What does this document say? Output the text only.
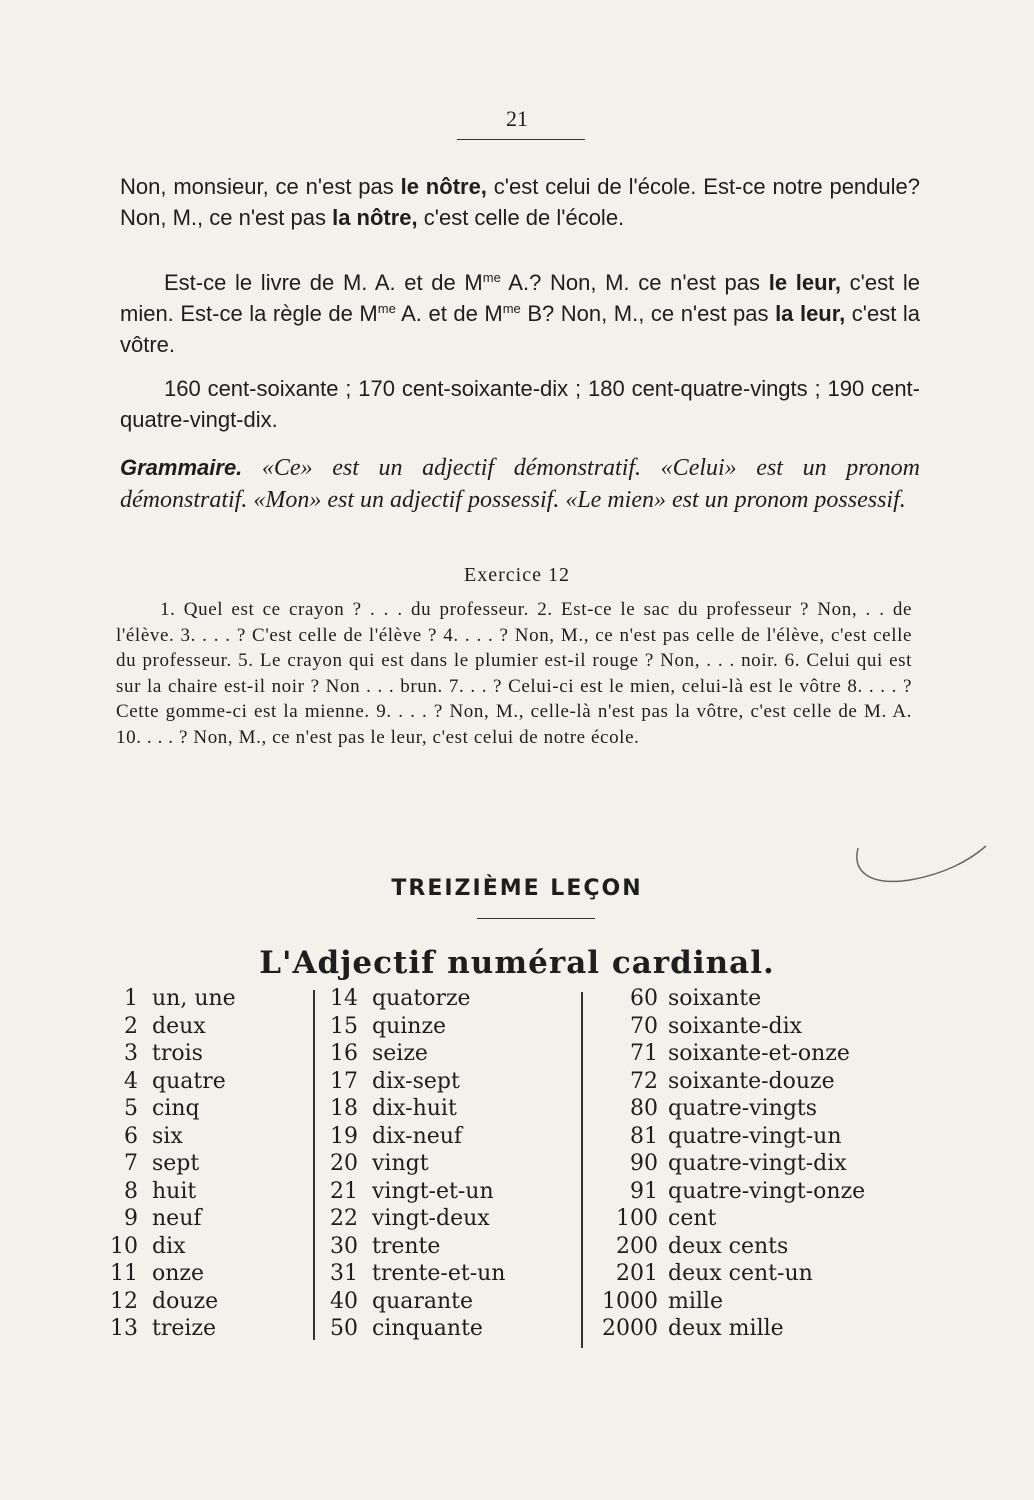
21

Non, monsieur, ce n'est pas le nôtre, c'est celui de l'école. Est-ce notre pendule? Non, M., ce n'est pas la nôtre, c'est celle de l'école.

Est-ce le livre de M. A. et de $M^{me}$ A.? Non, M. ce n'est pas le leur, c'est le mien. Est-ce la règle de $M^{me}$ A. et de $M^{me}$ B? Non, M., ce n'est pas la leur, c'est la vôtre.

160 cent-soixante ; 170 cent-soixante-dix ; 180 cent-quatre-vingts ; 190 cent-quatre-vingt-dix.

Grammaire. «Ce» est un adjectif démonstratif. «Celui» est un pronom démonstratif. «Mon» est un adjectif possessif. «Le mien» est un pronom possessif.

Exercice 12

1. Quel est ce crayon ? . . . du professeur. 2. Est-ce le sac du professeur ? Non, . . de l'élève. 3. . . . ? C'est celle de l'élève ? 4. . . . ? Non, M., ce n'est pas celle de l'élève, c'est celle du professeur. 5. Le crayon qui est dans le plumier est-il rouge ? Non, . . . noir. 6. Celui qui est sur la chaire est-il noir ? Non . . . brun. 7. . . ? Celui-ci est le mien, celui-là est le vôtre 8. . . . ? Cette gomme-ci est la mienne. 9. . . . ? Non, M., celle-là n'est pas la vôtre, c'est celle de M. A. 10. . . . ? Non, M., ce n'est pas le leur, c'est celui de notre école.

TREIZIÈME LEÇON
L'Adjectif numéral cardinal.
1 un, une
2 deux
3 trois
4 quatre
5 cinq
6 six
7 sept
8 huit
9 neuf
10 dix
11 onze
12 douze
13 treize
14 quatorze
15 quinze
16 seize
17 dix-sept
18 dix-huit
19 dix-neuf
20 vingt
21 vingt-et-un
22 vingt-deux
30 trente
31 trente-et-un
40 quarante
50 cinquante
60 soixante
70 soixante-dix
71 soixante-et-onze
72 soixante-douze
80 quatre-vingts
81 quatre-vingt-un
90 quatre-vingt-dix
91 quatre-vingt-onze
100 cent
200 deux cents
201 deux cent-un
1000 mille
2000 deux mille
